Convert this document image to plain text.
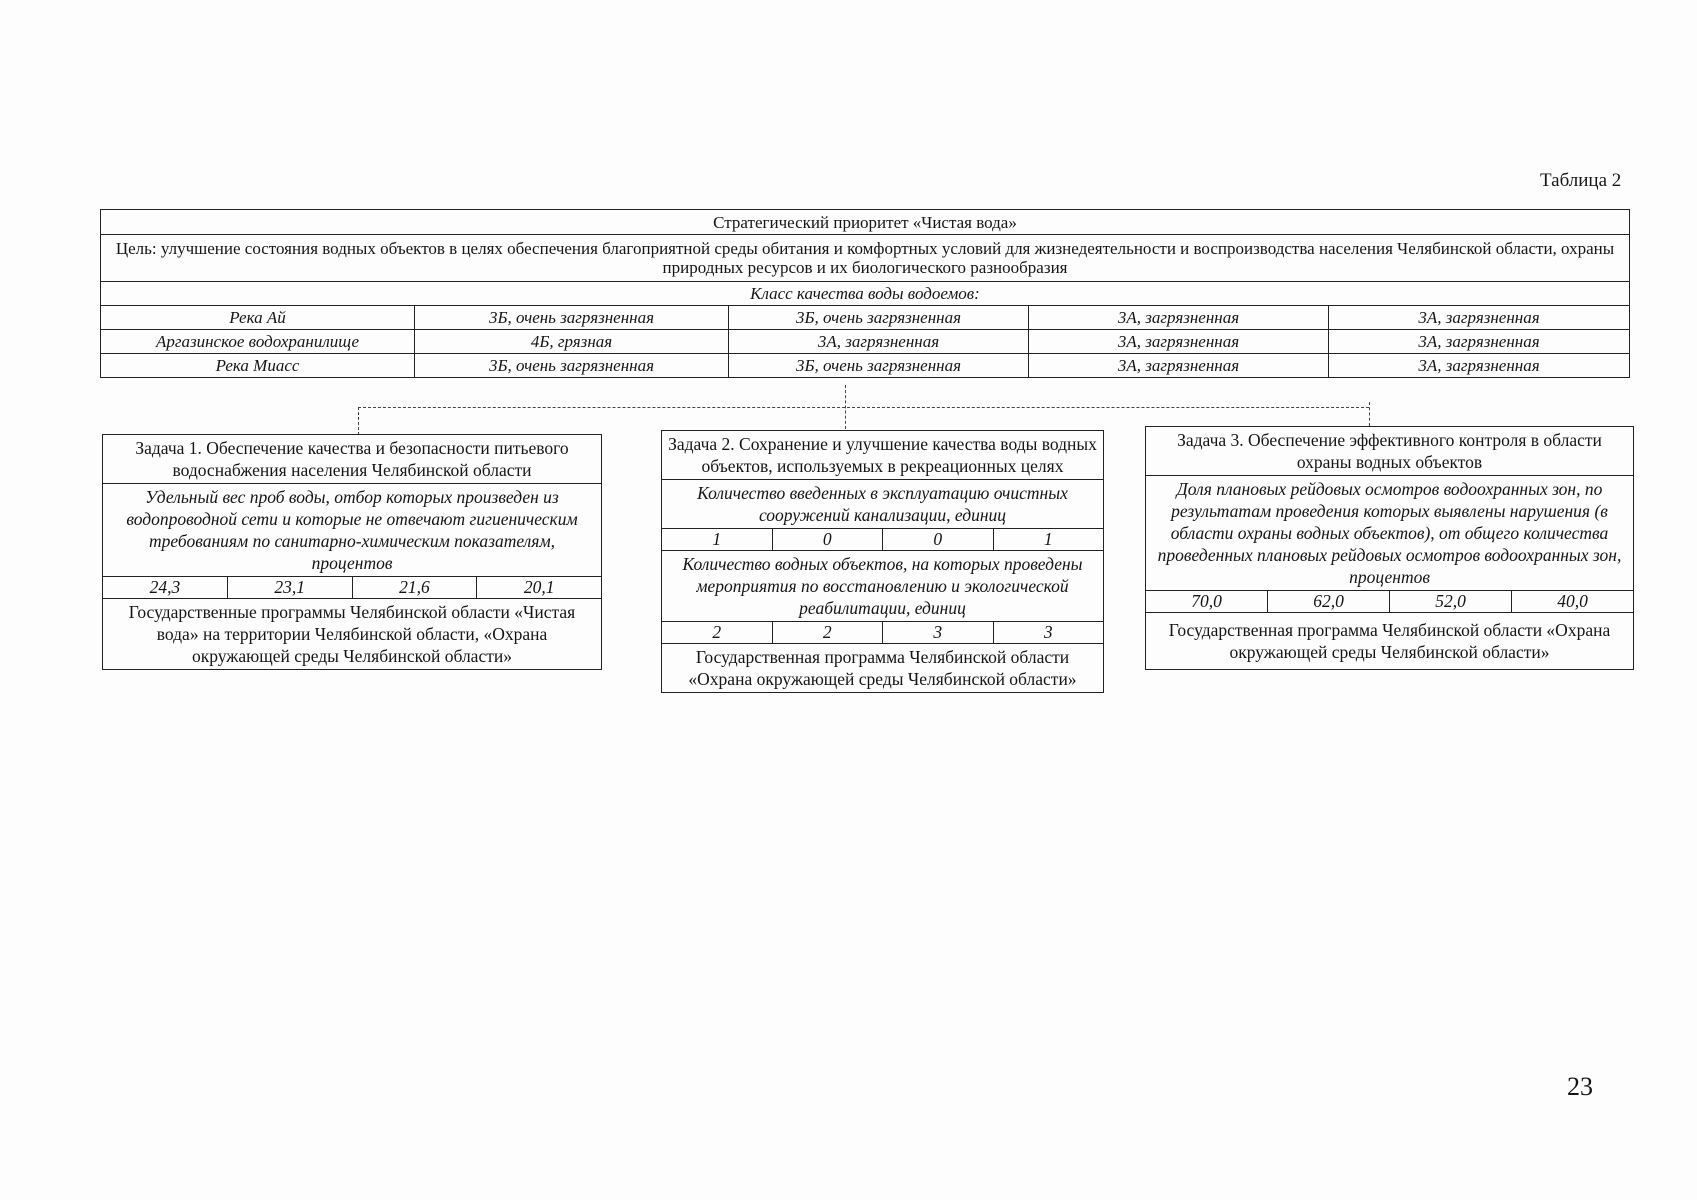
Таблица 2
Стратегический приоритет «Чистая вода»				
Цель: улучшение состояния водных объектов в целях обеспечения благоприятной среды обитания и комфортных условий для жизнедеятельности и воспроизводства населения Челябинской области, охраны природных ресурсов и их биологического разнообразия				
Класс качества воды водоемов:				
Река Ай	3Б, очень загрязненная	3Б, очень загрязненная	3А, загрязненная	3А, загрязненная
Аргазинское водохранилище	4Б, грязная	3А, загрязненная	3А, загрязненная	3А, загрязненная
Река Миасс	3Б, очень загрязненная	3Б, очень загрязненная	3А, загрязненная	3А, загрязненная
Задача 1. Обеспечение качества и безопасности питьевого водоснабжения населения Челябинской области
Удельный вес проб воды, отбор которых произведен из водопроводной сети и которые не отвечают гигиеническим требованиям по санитарно-химическим показателям, процентов
24,3	23,1	21,6	20,1
Государственные программы Челябинской области «Чистая вода» на территории Челябинской области, «Охрана окружающей среды Челябинской области»
Задача 2. Сохранение и улучшение качества воды водных объектов, используемых в рекреационных целях
Количество введенных в эксплуатацию очистных сооружений канализации, единиц
1	0	0	1
Количество водных объектов, на которых проведены мероприятия по восстановлению и экологической реабилитации, единиц
2	2	3	3
Государственная программа Челябинской области «Охрана окружающей среды Челябинской области»
Задача 3. Обеспечение эффективного контроля в области охраны водных объектов
Доля плановых рейдовых осмотров водоохранных зон, по результатам проведения которых выявлены нарушения (в области охраны водных объектов), от общего количества проведенных плановых рейдовых осмотров водоохранных зон, процентов
70,0	62,0	52,0	40,0
Государственная программа Челябинской области «Охрана окружающей среды Челябинской области»
23
